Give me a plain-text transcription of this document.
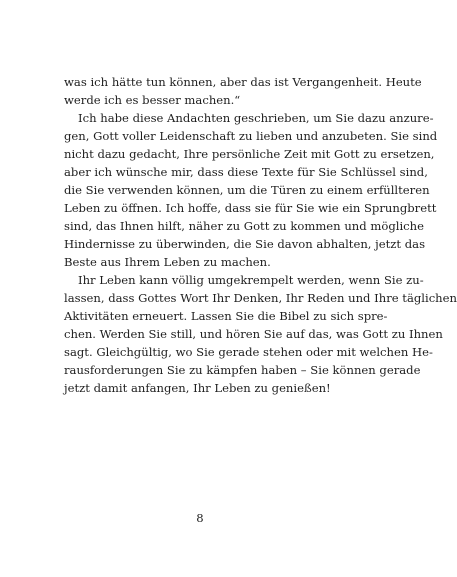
was ich hätte tun können, aber das ist Vergangenheit. Heute
werde ich es besser machen.“
Ich habe diese Andachten geschrieben, um Sie dazu anzure-
gen, Gott voller Leidenschaft zu lieben und anzubeten. Sie sind
nicht dazu gedacht, Ihre persönliche Zeit mit Gott zu ersetzen,
aber ich wünsche mir, dass diese Texte für Sie Schlüssel sind,
die Sie verwenden können, um die Türen zu einem erfüllteren
Leben zu öffnen. Ich hoffe, dass sie für Sie wie ein Sprungbrett
sind, das Ihnen hilft, näher zu Gott zu kommen und mögliche
Hindernisse zu überwinden, die Sie davon abhalten, jetzt das
Beste aus Ihrem Leben zu machen.
Ihr Leben kann völlig umgekrempelt werden, wenn Sie zu-
lassen, dass Gottes Wort Ihr Denken, Ihr Reden und Ihre täglichen
Aktivitäten erneuert. Lassen Sie die Bibel zu sich spre-
chen. Werden Sie still, und hören Sie auf das, was Gott zu Ihnen
sagt. Gleichgültig, wo Sie gerade stehen oder mit welchen He-
rausforderungen Sie zu kämpfen haben – Sie können gerade
jetzt damit anfangen, Ihr Leben zu genießen!
8
